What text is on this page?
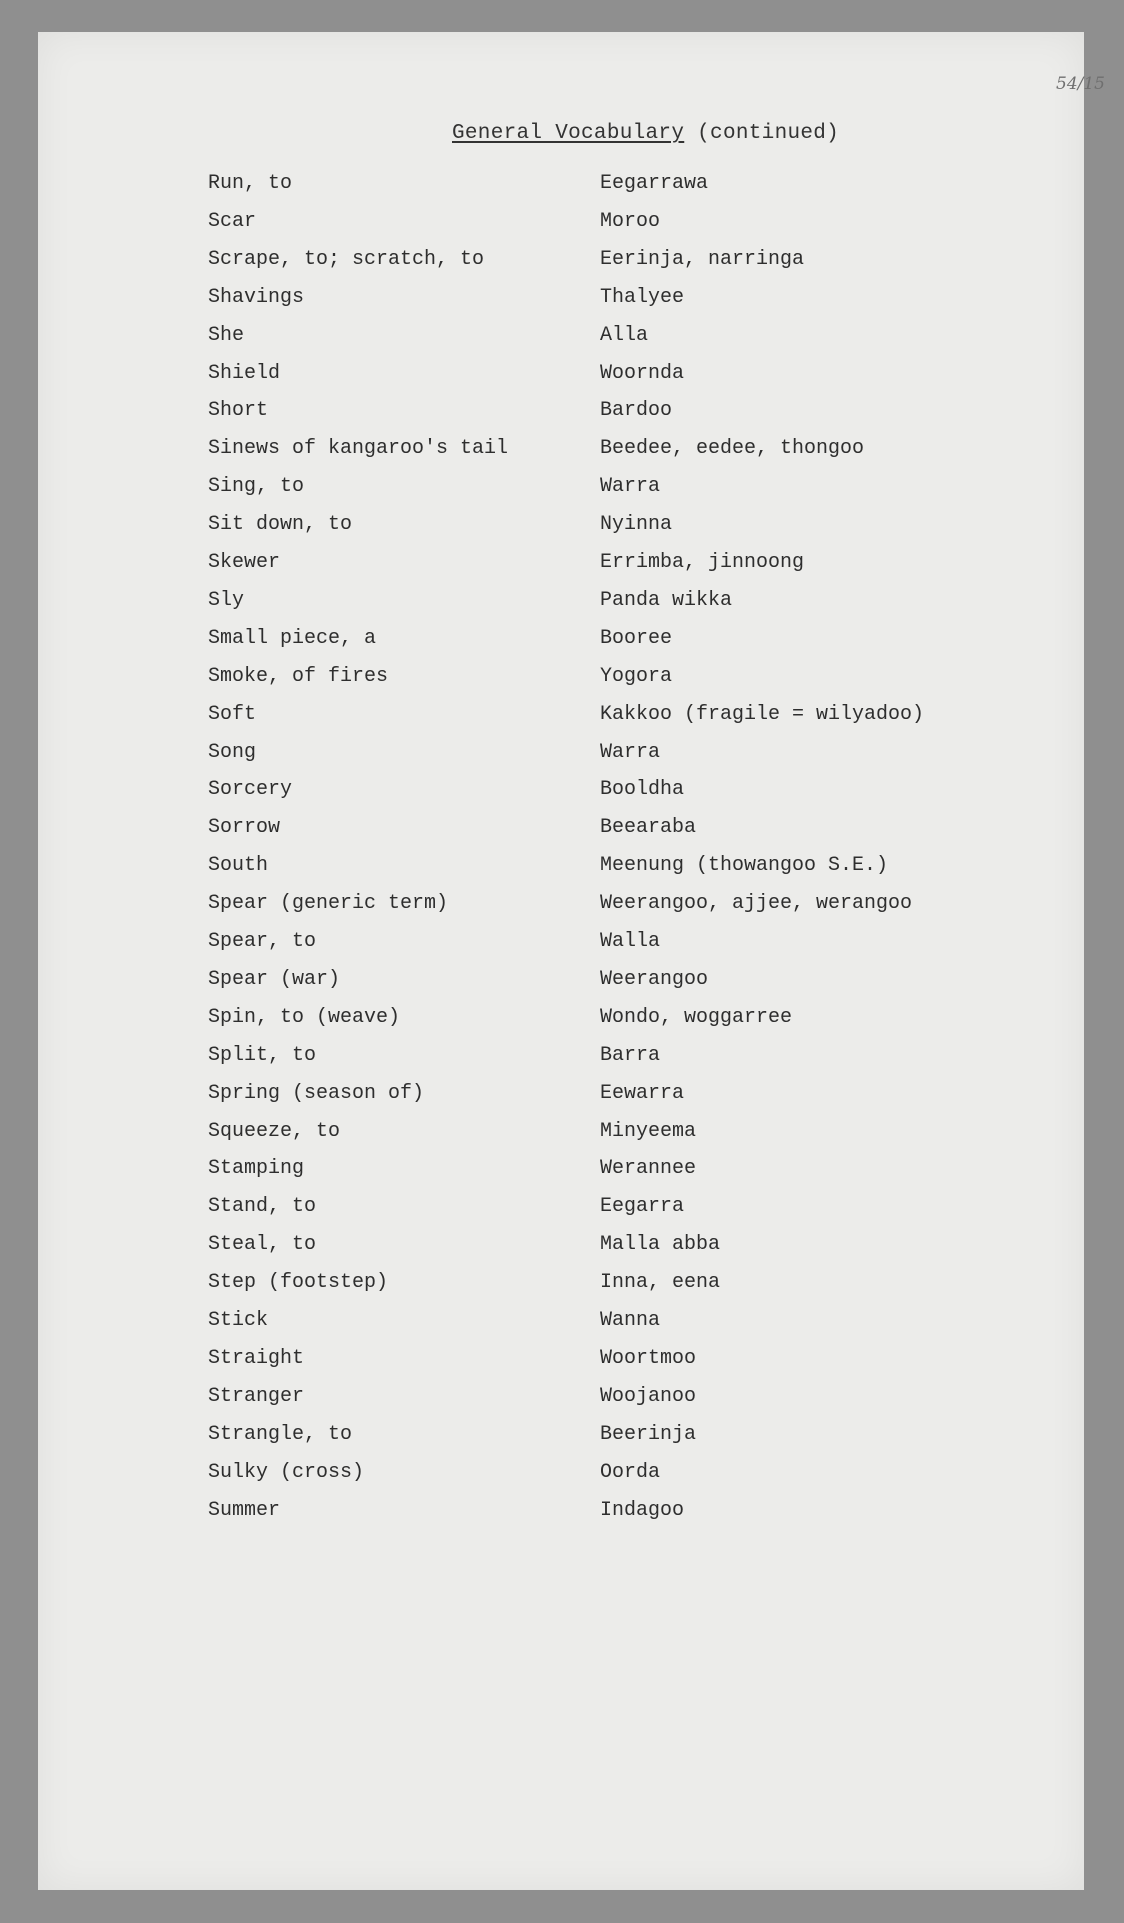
54/15
General Vocabulary (continued)
Run, to	Eegarrawa
Scar	Moroo
Scrape, to; scratch, to	Eerinja, narringa
Shavings	Thalyee
She	Alla
Shield	Woornda
Short	Bardoo
Sinews of kangaroo's tail	Beedee, eedee, thongoo
Sing, to	Warra
Sit down, to	Nyinna
Skewer	Errimba, jinnoong
Sly	Panda wikka
Small piece, a	Booree
Smoke, of fires	Yogora
Soft	Kakkoo (fragile = wilyadoo)
Song	Warra
Sorcery	Booldha
Sorrow	Beearaba
South	Meenung (thowangoo S.E.)
Spear (generic term)	Weerangoo, ajjee, werangoo
Spear, to	Walla
Spear (war)	Weerangoo
Spin, to (weave)	Wondo, woggarree
Split, to	Barra
Spring (season of)	Eewarra
Squeeze, to	Minyeema
Stamping	Werannee
Stand, to	Eegarra
Steal, to	Malla abba
Step (footstep)	Inna, eena
Stick	Wanna
Straight	Woortmoo
Stranger	Woojanoo
Strangle, to	Beerinja
Sulky (cross)	Oorda
Summer	Indagoo
